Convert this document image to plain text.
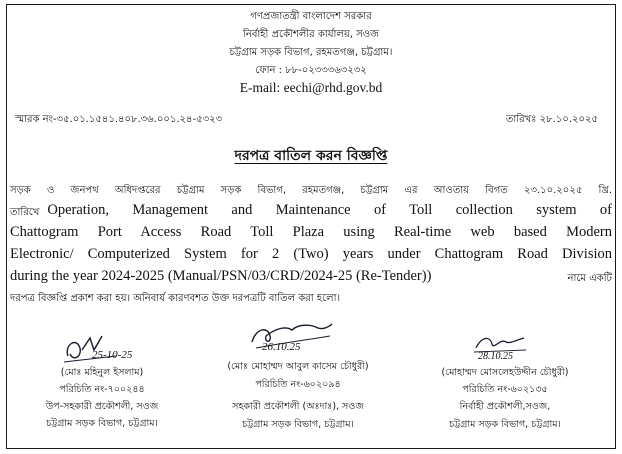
গণপ্রজাতন্ত্রী বাংলাদেশ সরকার
নির্বাহী প্রকৌশলীর কার্যালয়, সওজ
চট্টগ্রাম সড়ক বিভাগ, রহমতগঞ্জ, চট্টগ্রাম।
ফোন : ৮৮-০২৩৩৩৬৩২৩২
E-mail: eechi@rhd.gov.bd
স্মারক নং-৩৫.০১.১৫৪১.৪০৮.৩৬.০০১.২৪-৫৩২৩	তারিখঃ ২৮.১০.২০২৫
দরপত্র বাতিল করন বিজ্ঞপ্তি
সড়ক ও জনপথ অধিদপ্তরের চট্টগ্রাম সড়ক বিভাগ, রহমতগঞ্জ, চট্টগ্রাম এর আওতায় বিগত ২৩.১০.২০২৫ খ্রি.
তারিখে Operation, Management and Maintenance of Toll collection system of
Chattogram Port Access Road Toll Plaza using Real-time web based Modern
Electronic/ Computerized System for 2 (Two) years under Chattogram Road Division
during the year 2024-2025 (Manual/PSN/03/CRD/2024-25 (Re-Tender))	নামে একটি
দরপত্র বিজ্ঞপ্তি প্রকাশ করা হয়। অনিবার্য কারণবশত উক্ত দরপত্রটি বাতিল করা হলো।
25-10-25
(মোঃ মহিনুল ইসলাম)
পরিচিতি নং-৭০০২৪৪
উপ-সহকারী প্রকৌশলী, সওজ
চট্টগ্রাম সড়ক বিভাগ, চট্টগ্রাম।
26.10.25
(মোঃ মোহাম্মদ আবুল কাসেম চৌধুরী)
পরিচিতি নং-৬০২০৯৪
সহকারী প্রকৌশলী (অঃদাঃ), সওজ
চট্টগ্রাম সড়ক বিভাগ, চট্টগ্রাম।
28.10.25
(মোহাম্মদ মোসলেহউদ্দীন চৌধুরী)
পরিচিতি নং-৬০২১৩৫
নির্বাহী প্রকৌশলী,সওজ,
চট্টগ্রাম সড়ক বিভাগ, চট্টগ্রাম।
